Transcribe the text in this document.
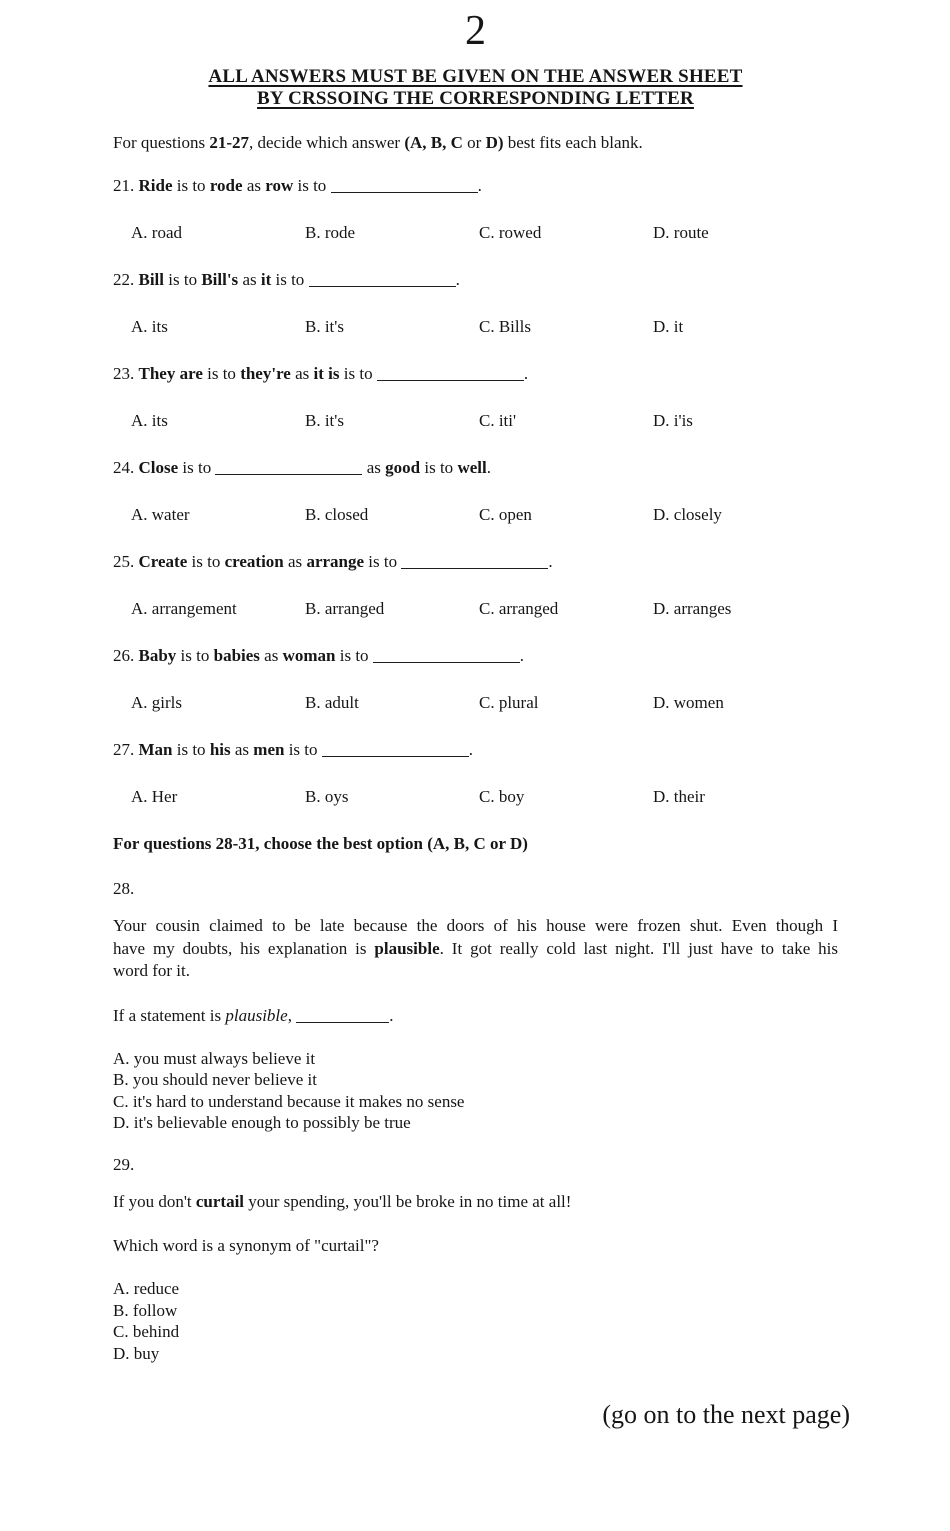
2
ALL ANSWERS MUST BE GIVEN ON THE ANSWER SHEET
BY CRSSOING THE CORRESPONDING LETTER

For questions 21-27, decide which answer (A, B, C or D) best fits each blank.

21. Ride is to rode as row is to	.
A. road	B. rode	C. rowed	D. route
22. Bill is to Bill's as it is to	.
A. its	B. it's	C. Bills	D. it
23. They are is to they're as it is is to	.
A. its	B. it's	C. iti'	D. i'is
24. Close is to	as good is to well.
A. water	B. closed	C. open	D. closely
25. Create is to creation as arrange is to	.
A. arrangement	B. arranged	C. arranged	D. arranges
26. Baby is to babies as woman is to	.
A. girls	B. adult	C. plural	D. women
27. Man is to his as men is to	.
A. Her	B. oys	C. boy	D. their

For questions 28-31, choose the best option (A, B, C or D)

28.
Your cousin claimed to be late because the doors of his house were frozen shut. Even though I
have my doubts, his explanation is plausible. It got really cold last night. I'll just have to take his
word for it.
If a statement is plausible,	.
A. you must always believe it
B. you should never believe it
C. it's hard to understand because it makes no sense
D. it's believable enough to possibly be true
29.
If you don't curtail your spending, you'll be broke in no time at all!
Which word is a synonym of "curtail"?
A. reduce
B. follow
C. behind
D. buy
(go on to the next page)
